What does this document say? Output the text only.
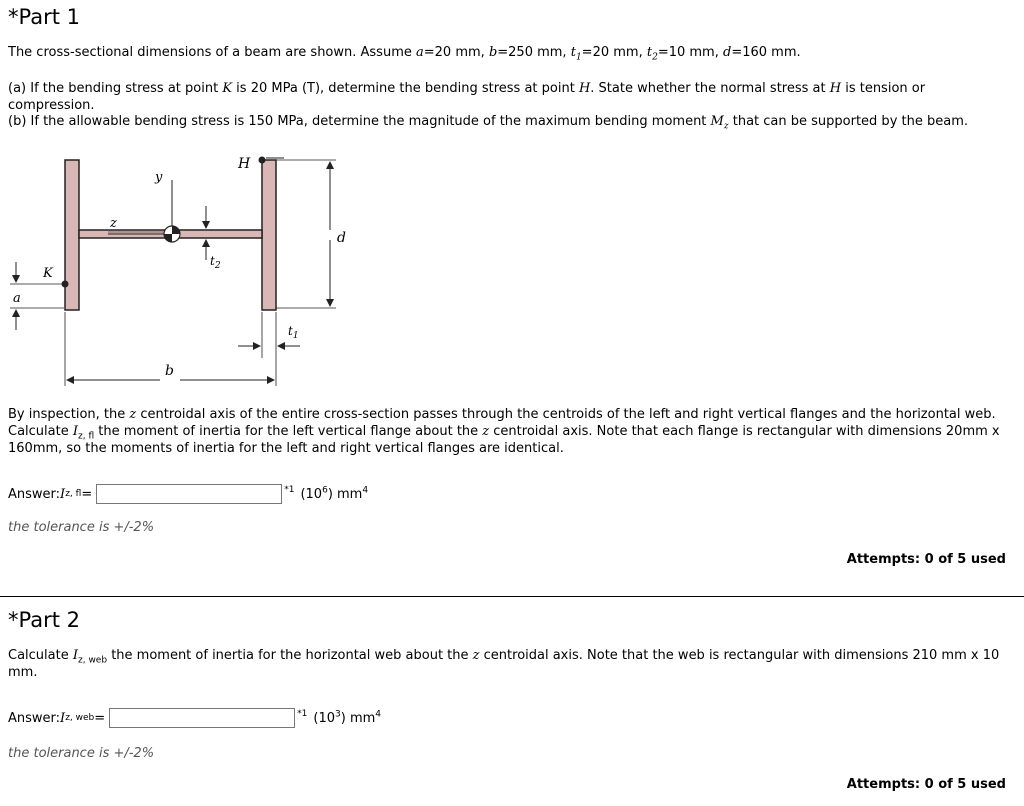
*Part 1
The cross-sectional dimensions of a beam are shown. Assume a=20 mm, b=250 mm, $t_1=20$ mm, $t_2=10$ mm, d=160 mm.
(a) If the bending stress at point K is 20 MPa (T), determine the bending stress at point H. State whether the normal stress at H is tension or compression.
(b) If the allowable bending stress is 150 MPa, determine the magnitude of the maximum bending moment $M_z$ that can be supported by the beam.
H
y
z
$t_2$
d
K
a
$t_1$
b
By inspection, the z centroidal axis of the entire cross-section passes through the centroids of the left and right vertical flanges and the horizontal web. Calculate $I_{z, fl}$ the moment of inertia for the left vertical flange about the z centroidal axis. Note that each flange is rectangular with dimensions 20mm x 160mm, so the moments of inertia for the left and right vertical flanges are identical.
Answer: I z, fl =	*1 $(10^6)$ $mm^4$
the tolerance is +/-2%
Attempts: 0 of 5 used
*Part 2
Calculate $I_{z, web}$ the moment of inertia for the horizontal web about the z centroidal axis. Note that the web is rectangular with dimensions 210 mm x 10 mm.
Answer: I z, web =	*1 $(10^3)$ $mm^4$
the tolerance is +/-2%
Attempts: 0 of 5 used
